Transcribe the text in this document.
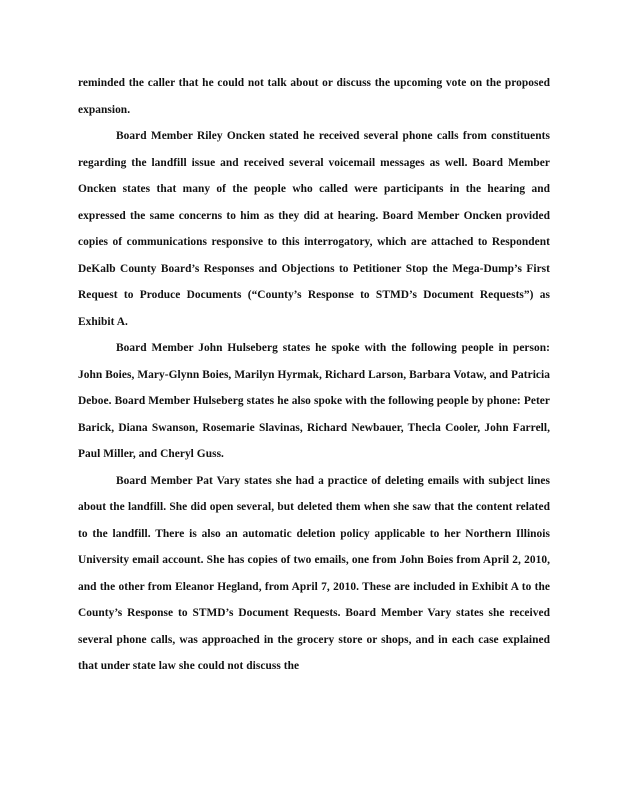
reminded the caller that he could not talk about or discuss the upcoming vote on the proposed expansion.

Board Member Riley Oncken stated he received several phone calls from constituents regarding the landfill issue and received several voicemail messages as well. Board Member Oncken states that many of the people who called were participants in the hearing and expressed the same concerns to him as they did at hearing. Board Member Oncken provided copies of communications responsive to this interrogatory, which are attached to Respondent DeKalb County Board’s Responses and Objections to Petitioner Stop the Mega-Dump’s First Request to Produce Documents (“County’s Response to STMD’s Document Requests”) as Exhibit A.

Board Member John Hulseberg states he spoke with the following people in person: John Boies, Mary-Glynn Boies, Marilyn Hyrmak, Richard Larson, Barbara Votaw, and Patricia Deboe. Board Member Hulseberg states he also spoke with the following people by phone: Peter Barick, Diana Swanson, Rosemarie Slavinas, Richard Newbauer, Thecla Cooler, John Farrell, Paul Miller, and Cheryl Guss.

Board Member Pat Vary states she had a practice of deleting emails with subject lines about the landfill. She did open several, but deleted them when she saw that the content related to the landfill. There is also an automatic deletion policy applicable to her Northern Illinois University email account. She has copies of two emails, one from John Boies from April 2, 2010, and the other from Eleanor Hegland, from April 7, 2010. These are included in Exhibit A to the County’s Response to STMD’s Document Requests. Board Member Vary states she received several phone calls, was approached in the grocery store or shops, and in each case explained that under state law she could not discuss the
